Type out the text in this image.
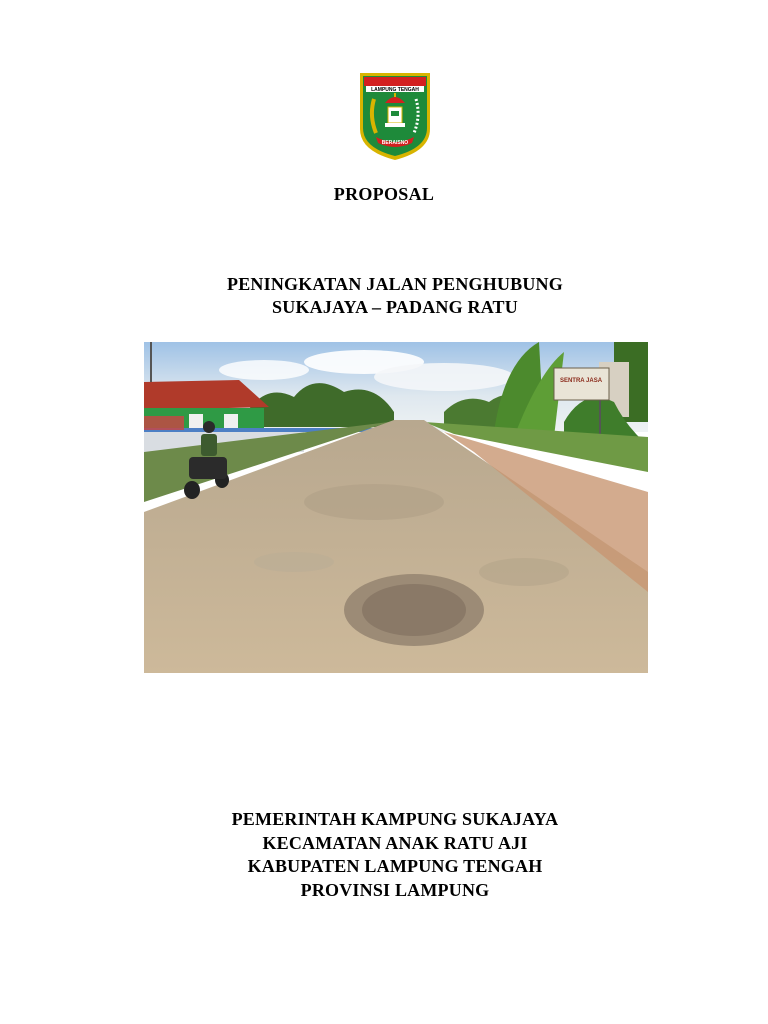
LAMPUNG TENGAH
BERAISNO
PROPOSAL
PENINGKATAN JALAN PENGHUBUNG
SUKAJAYA – PADANG RATU
SENTRA JASA
PEMERINTAH KAMPUNG SUKAJAYA
KECAMATAN ANAK RATU AJI
KABUPATEN LAMPUNG TENGAH
PROVINSI LAMPUNG
